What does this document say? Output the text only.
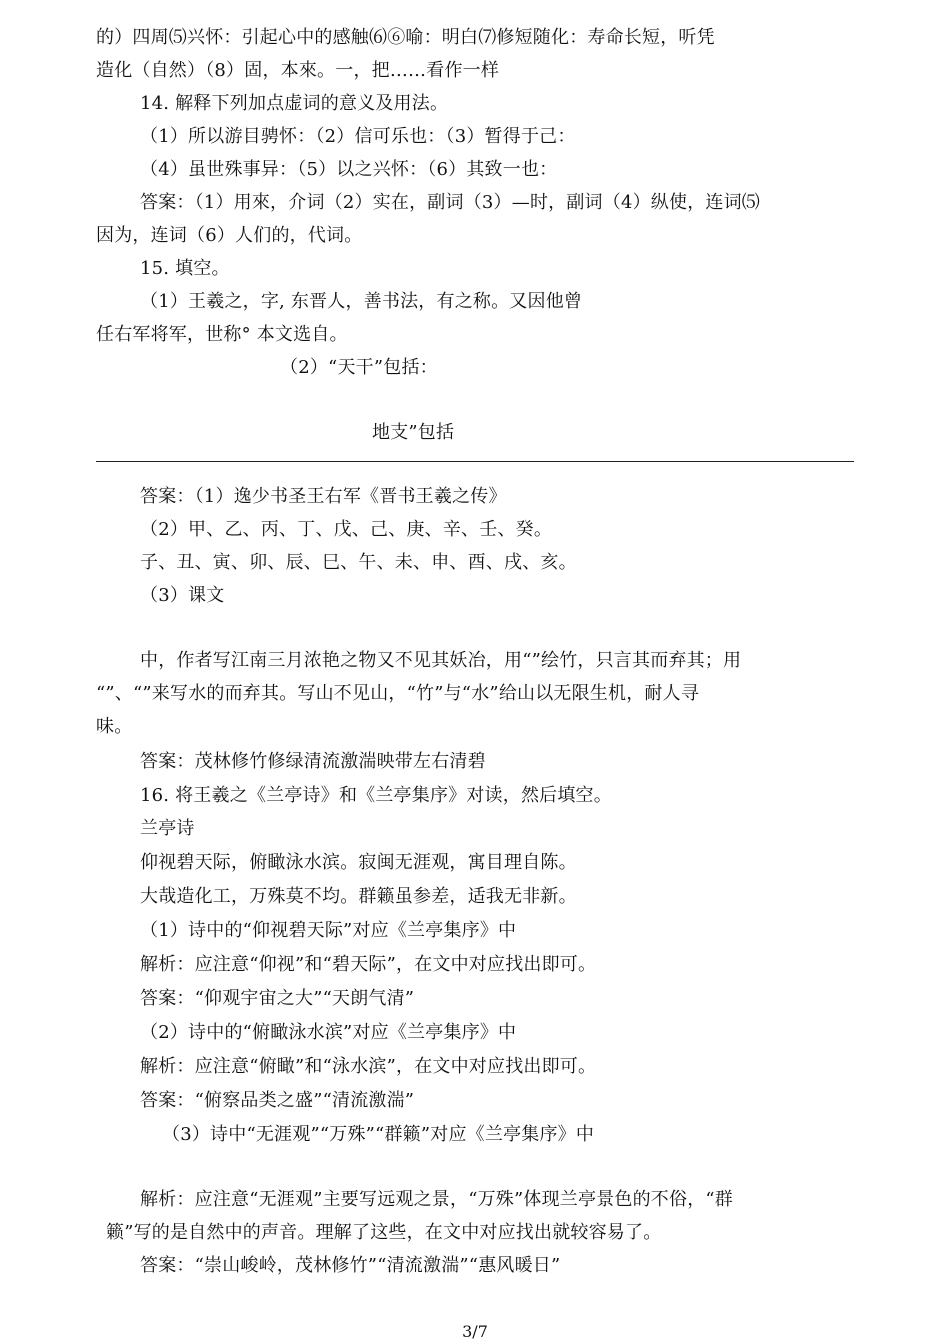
的）四周⑸兴怀：引起心中的感触⑹⑥喻：明白⑺修短随化：寿命长短，听凭
造化（自然）（8）固，本來。一，把……看作一样
14. 解释下列加点虚词的意义及用法。
（1）所以游目骋怀：（2）信可乐也：（3）暂得于己：
（4）虽世殊事异：（5）以之兴怀：（6）其致一也：
答案：（1）用來，介词（2）实在，副词（3）—时，副词（4）纵使，连词⑸
因为，连词（6）人们的，代词。
15. 填空。
（1）王羲之，字, 东晋人，善书法，有之称。又因他曾
任右军将军，世称° 本文选自。
（2）“天干”包括：
地支”包括
答案：（1）逸少书圣王右军《晋书王羲之传》
（2）甲、乙、丙、丁、戊、己、庚、辛、壬、癸。
子、丑、寅、卯、辰、巳、午、未、申、酉、戌、亥。
（3）课文
中，作者写江南三月浓艳之物又不见其妖冶，用“”绘竹，只言其而弃其；用
“”、“”来写水的而弃其。写山不见山，“竹”与“水”给山以无限生机，耐人寻
味。
答案：茂林修竹修绿清流激湍映带左右清碧
16. 将王羲之《兰亭诗》和《兰亭集序》对读，然后填空。
兰亭诗
仰视碧天际，俯瞰泳水滨。寂闽无涯观，寓目理自陈。
大哉造化工，万殊莫不均。群籁虽参差，适我无非新。
（1）诗中的“仰视碧天际”对应《兰亭集序》中
解析：应注意“仰视”和“碧天际”，在文中对应找出即可。
答案：“仰观宇宙之大”“天朗气清”
（2）诗中的“俯瞰泳水滨”对应《兰亭集序》中
解析：应注意“俯瞰”和“泳水滨”，在文中对应找出即可。
答案：“俯察品类之盛”“清流激湍”
（3）诗中“无涯观”“万殊”“群籁”对应《兰亭集序》中
解析：应注意“无涯观”主要写远观之景，“万殊”体现兰亭景色的不俗，“群
籁”写的是自然中的声音。理解了这些，在文中对应找出就较容易了。
答案：“崇山峻岭，茂林修竹”“清流激湍”“惠风暖日”
3/7
